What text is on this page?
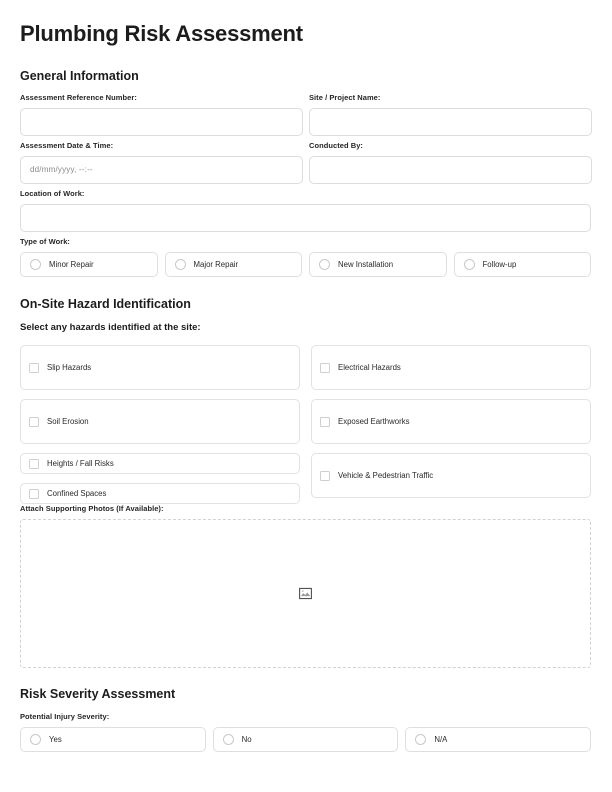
Plumbing Risk Assessment
General Information
Assessment Reference Number:	Site / Project Name:
Assessment Date & Time:
dd/mm/yyyy, --:--
Conducted By:
Location of Work:
Type of Work:
Minor Repair	Major Repair	New Installation	Follow-up
On-Site Hazard Identification
Select any hazards identified at the site:
Slip Hazards
Soil Erosion
Heights / Fall Risks
Confined Spaces
Electrical Hazards
Exposed Earthworks
Vehicle & Pedestrian Traffic
Attach Supporting Photos (If Available):
Risk Severity Assessment
Potential Injury Severity:
Yes	No	N/A
